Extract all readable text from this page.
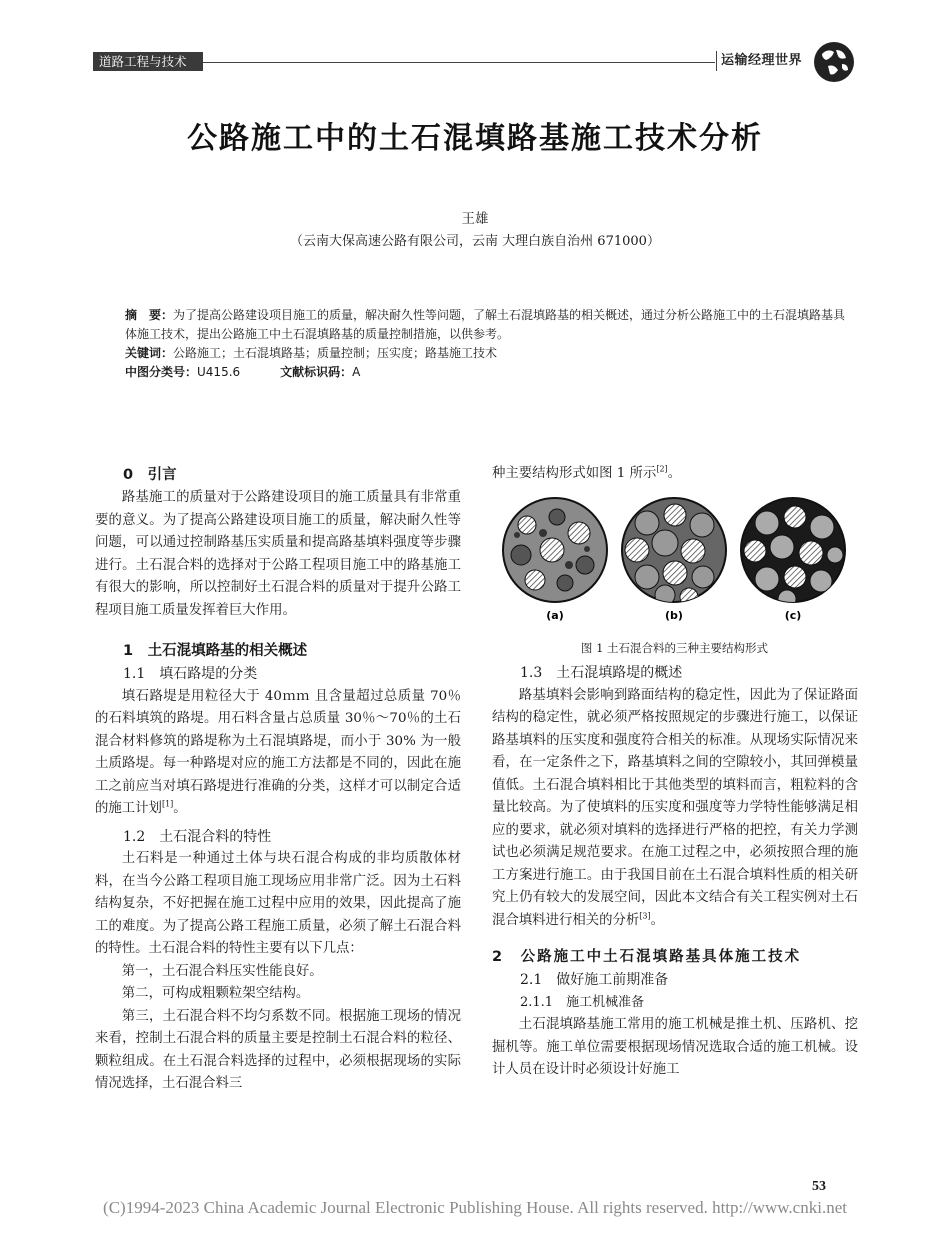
道路工程与技术	运输经理世界
公路施工中的土石混填路基施工技术分析
王雄
（云南大保高速公路有限公司，云南 大理白族自治州 671000）

摘　要：为了提高公路建设项目施工的质量，解决耐久性等问题，了解土石混填路基的相关概述，通过分析公路施工中的土石混填路基具体施工技术，提出公路施工中土石混填路基的质量控制措施，以供参考。

关键词：公路施工；土石混填路基；质量控制；压实度；路基施工技术

中图分类号：U415.6	文献标识码：A

0　引言

路基施工的质量对于公路建设项目的施工质量具有非常重要的意义。为了提高公路建设项目施工的质量，解决耐久性等问题，可以通过控制路基压实质量和提高路基填料强度等步骤进行。土石混合料的选择对于公路工程项目施工中的路基施工有很大的影响，所以控制好土石混合料的质量对于提升公路工程项目施工质量发挥着巨大作用。

1　土石混填路基的相关概述
1.1　填石路堤的分类

填石路堤是用粒径大于 40ｍｍ 且含量超过总质量 70％的石料填筑的路堤。用石料含量占总质量 30％～70％的土石混合材料修筑的路堤称为土石混填路堤，而小于 30% 为一般土质路堤。每一种路堤对应的施工方法都是不同的，因此在施工之前应当对填石路堤进行准确的分类，这样才可以制定合适的施工计划[1]。

1.2　土石混合料的特性

土石料是一种通过土体与块石混合构成的非均质散体材料，在当今公路工程项目施工现场应用非常广泛。因为土石料结构复杂，不好把握在施工过程中应用的效果，因此提高了施工的难度。为了提高公路工程施工质量，必须了解土石混合料的特性。土石混合料的特性主要有以下几点：

第一，土石混合料压实性能良好。

第二，可构成粗颗粒架空结构。

第三，土石混合料不均匀系数不同。根据施工现场的情况来看，控制土石混合料的质量主要是控制土石混合料的粒径、颗粒组成。在土石混合料选择的过程中，必须根据现场的实际情况选择，土石混合料三

种主要结构形式如图 1 所示[2]。

(a)	(b)	(c)
图 1 土石混合料的三种主要结构形式
1.3　土石混填路堤的概述

路基填料会影响到路面结构的稳定性，因此为了保证路面结构的稳定性，就必须严格按照规定的步骤进行施工，以保证路基填料的压实度和强度符合相关的标准。从现场实际情况来看，在一定条件之下，路基填料之间的空隙较小，其回弹模量值低。土石混合填料相比于其他类型的填料而言，粗粒料的含量比较高。为了使填料的压实度和强度等力学特性能够满足相应的要求，就必须对填料的选择进行严格的把控，有关力学测试也必须满足规范要求。在施工过程之中，必须按照合理的施工方案进行施工。由于我国目前在土石混合填料性质的相关研究上仍有较大的发展空间，因此本文结合有关工程实例对土石混合填料进行相关的分析[3]。

2　公路施工中土石混填路基具体施工技术
2.1　做好施工前期准备
2.1.1　施工机械准备

土石混填路基施工常用的施工机械是推土机、压路机、挖掘机等。施工单位需要根据现场情况选取合适的施工机械。设计人员在设计时必须设计好施工

53
(C)1994-2023 China Academic Journal Electronic Publishing House. All rights reserved. http://www.cnki.net
